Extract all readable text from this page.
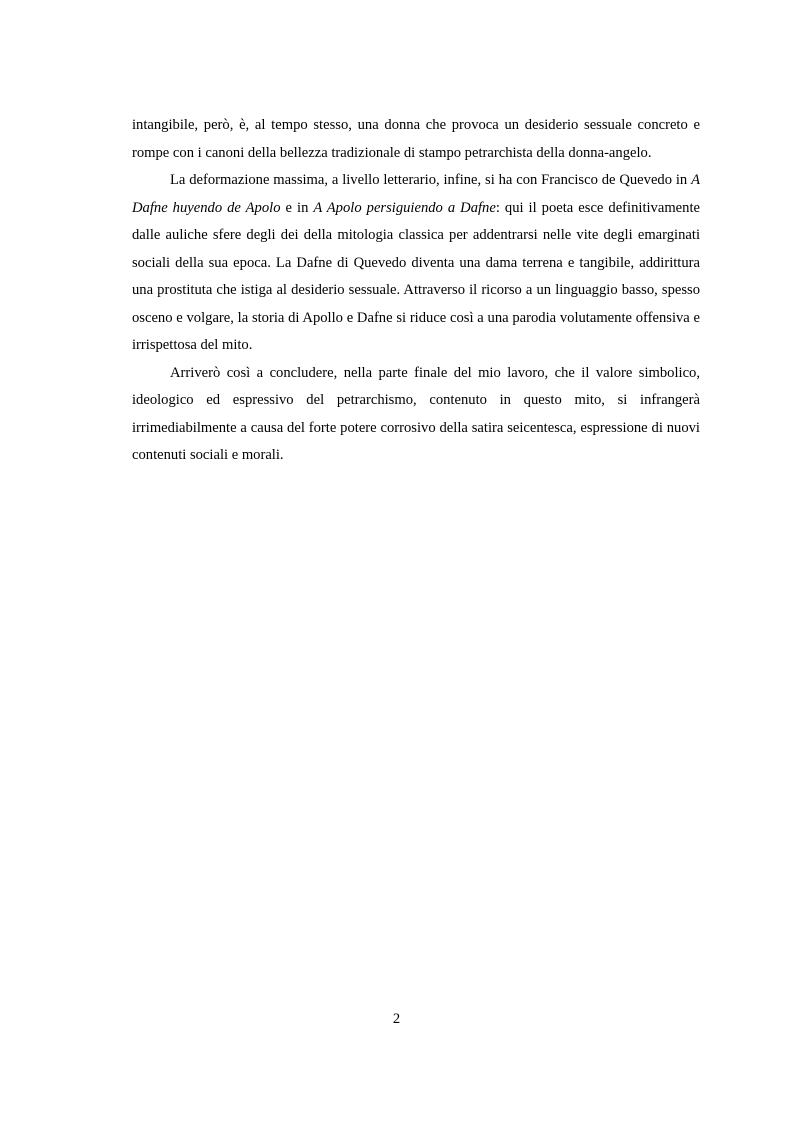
intangibile, però, è, al tempo stesso, una donna che provoca un desiderio sessuale concreto e rompe con i canoni della bellezza tradizionale di stampo petrarchista della donna-angelo.

La deformazione massima, a livello letterario, infine, si ha con Francisco de Quevedo in A Dafne huyendo de Apolo e in A Apolo persiguiendo a Dafne: qui il poeta esce definitivamente dalle auliche sfere degli dei della mitologia classica per addentrarsi nelle vite degli emarginati sociali della sua epoca. La Dafne di Quevedo diventa una dama terrena e tangibile, addirittura una prostituta che istiga al desiderio sessuale. Attraverso il ricorso a un linguaggio basso, spesso osceno e volgare, la storia di Apollo e Dafne si riduce così a una parodia volutamente offensiva e irrispettosa del mito.

Arriverò così a concludere, nella parte finale del mio lavoro, che il valore simbolico, ideologico ed espressivo del petrarchismo, contenuto in questo mito, si infrangerà irrimediabilmente a causa del forte potere corrosivo della satira seicentesca, espressione di nuovi contenuti sociali e morali.

2
